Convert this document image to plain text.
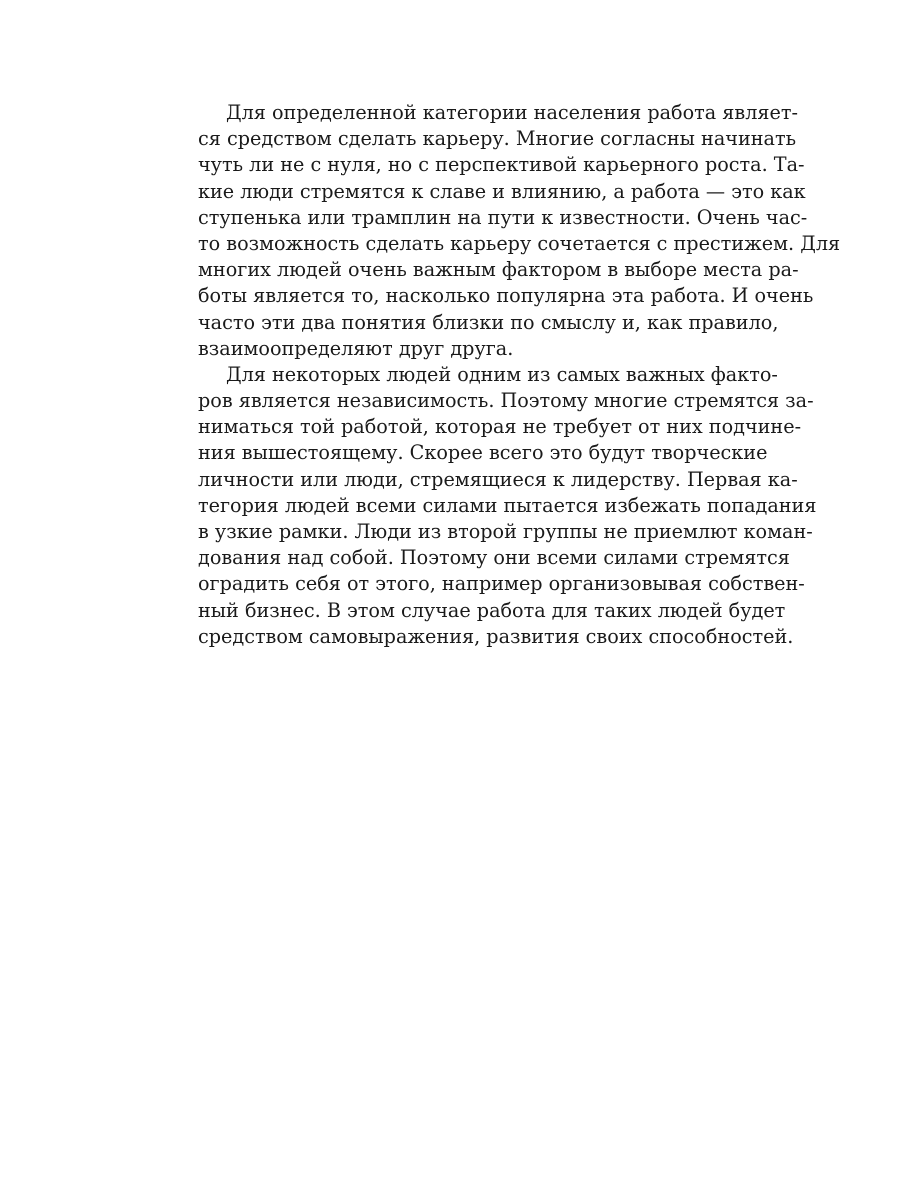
Для определенной категории населения работа являет-
ся средством сделать карьеру. Многие согласны начинать
чуть ли не с нуля, но с перспективой карьерного роста. Та-
кие люди стремятся к славе и влиянию, а работа — это как
ступенька или трамплин на пути к известности. Очень час-
то возможность сделать карьеру сочетается с престижем. Для
многих людей очень важным фактором в выборе места ра-
боты является то, насколько популярна эта работа. И очень
часто эти два понятия близки по смыслу и, как правило,
взаимоопределяют друг друга.
Для некоторых людей одним из самых важных факто-
ров является независимость. Поэтому многие стремятся за-
ниматься той работой, которая не требует от них подчине-
ния вышестоящему. Скорее всего это будут творческие
личности или люди, стремящиеся к лидерству. Первая ка-
тегория людей всеми силами пытается избежать попадания
в узкие рамки. Люди из второй группы не приемлют коман-
дования над собой. Поэтому они всеми силами стремятся
оградить себя от этого, например организовывая собствен-
ный бизнес. В этом случае работа для таких людей будет
средством самовыражения, развития своих способностей.
